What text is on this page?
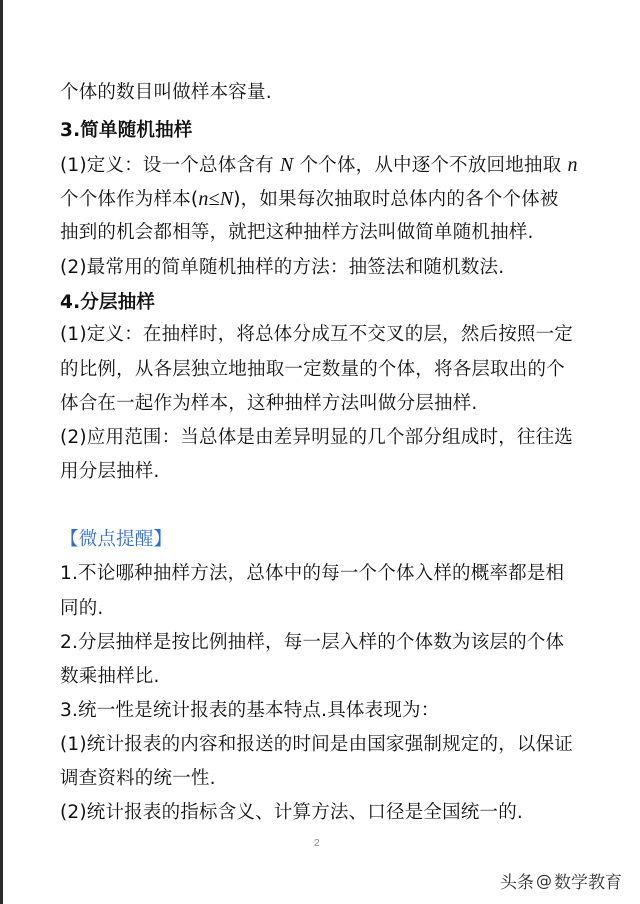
个体的数目叫做样本容量.
3.简单随机抽样
(1)定义：设一个总体含有 N 个个体，从中逐个不放回地抽取 n
个个体作为样本(n≤N)，如果每次抽取时总体内的各个个体被
抽到的机会都相等，就把这种抽样方法叫做简单随机抽样.
(2)最常用的简单随机抽样的方法：抽签法和随机数法.
4.分层抽样
(1)定义：在抽样时，将总体分成互不交叉的层，然后按照一定
的比例，从各层独立地抽取一定数量的个体，将各层取出的个
体合在一起作为样本，这种抽样方法叫做分层抽样.
(2)应用范围：当总体是由差异明显的几个部分组成时，往往选
用分层抽样.
【微点提醒】
1.不论哪种抽样方法，总体中的每一个个体入样的概率都是相
同的.
2.分层抽样是按比例抽样，每一层入样的个体数为该层的个体
数乘抽样比.
3.统一性是统计报表的基本特点.具体表现为：
(1)统计报表的内容和报送的时间是由国家强制规定的，以保证
调查资料的统一性.
(2)统计报表的指标含义、计算方法、口径是全国统一的.
2
头条 @ 数学教育
